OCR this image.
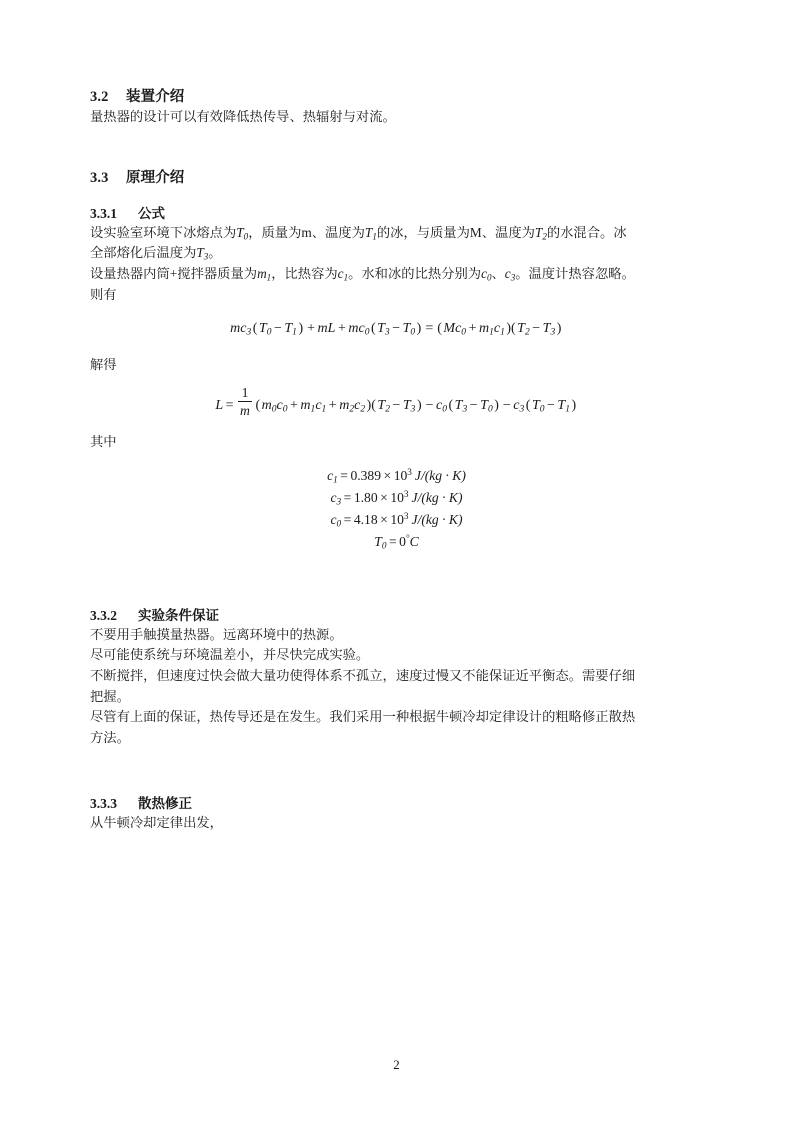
3.2 装置介绍

量热器的设计可以有效降低热传导、热辐射与对流。

3.3 原理介绍
3.3.1 公式

设实验室环境下冰熔点为$T_0$，质量为m、温度为$T_1$的冰，与质量为M、温度为$T_2$的水混合。冰
全部熔化后温度为$T_3$。
设量热器内筒+搅拌器质量为$m_1$，比热容为$c_1$。水和冰的比热分别为$c_0$、$c_3$。温度计热容忽略。
则有

$mc_3$ ( $T_0 - T_1$ ) + mL + $mc_0$ ( $T_3 - T_0$ ) = ( $Mc_0 + m_1c_1$ )( $T_2 - T_3$ )

解得

$L = \frac{1}{m}$ ( $m_0c_0 + m_1c_1 + m_2c_2$ )( $T_2 - T_3$ ) − $c_0$ ( $T_3 - T_0$ ) − $c_3$ ( $T_0 - T_1$ )

其中

$c_1 = 0.389 \times 10^3$ J/(kg · K)
$c_3 = 1.80 \times 10^3$ J/(kg · K)
$c_0 = 4.18 \times 10^3$ J/(kg · K)
$T_0 = 0^\circ C$
3.3.2 实验条件保证

不要用手触摸量热器。远离环境中的热源。
尽可能使系统与环境温差小，并尽快完成实验。
不断搅拌，但速度过快会做大量功使得体系不孤立，速度过慢又不能保证近平衡态。需要仔细
把握。
尽管有上面的保证，热传导还是在发生。我们采用一种根据牛顿冷却定律设计的粗略修正散热
方法。

3.3.3 散热修正

从牛顿冷却定律出发，

2
